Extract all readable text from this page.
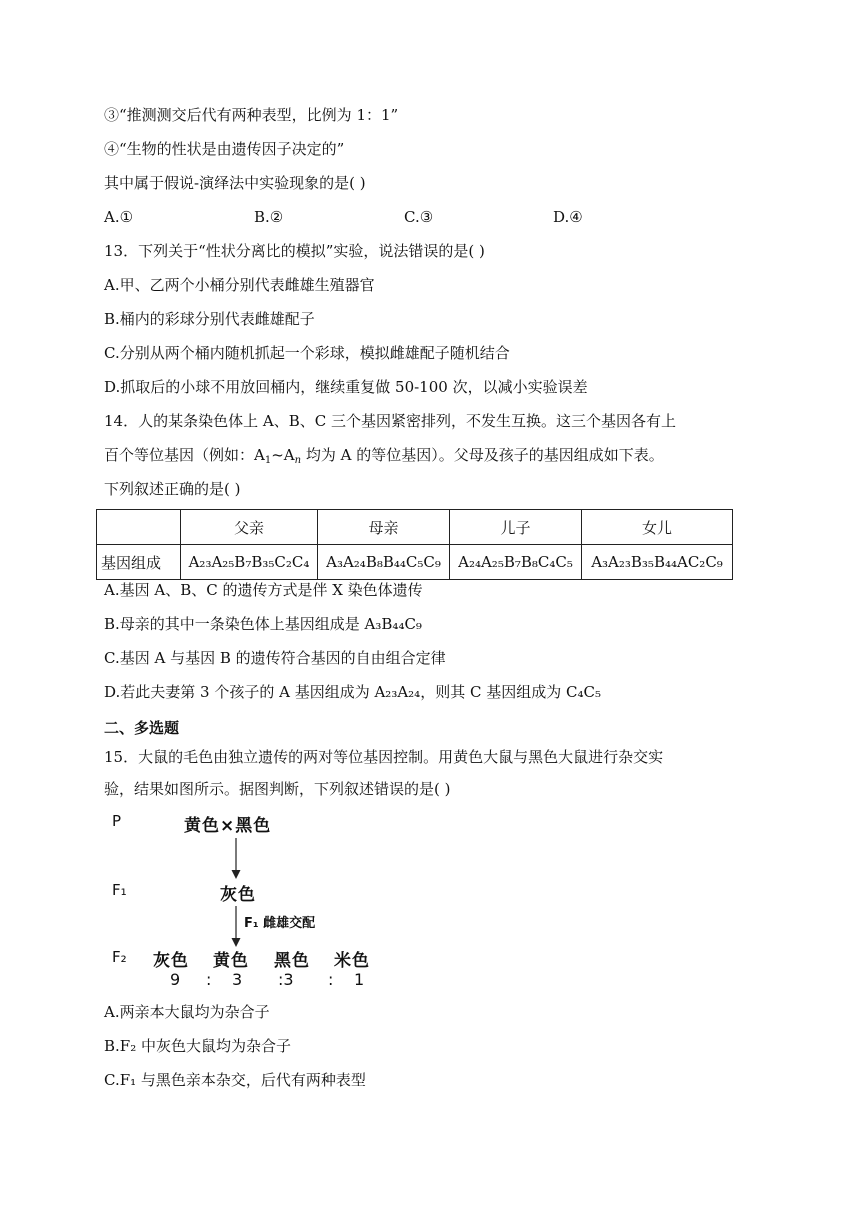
③“推测测交后代有两种表型，比例为 1：1”
④“生物的性状是由遗传因子决定的”
其中属于假说-演绎法中实验现象的是( )
A.①	B.②	C.③	D.④
13．下列关于“性状分离比的模拟”实验，说法错误的是( )
A.甲、乙两个小桶分别代表雌雄生殖器官
B.桶内的彩球分别代表雌雄配子
C.分别从两个桶内随机抓起一个彩球，模拟雌雄配子随机结合
D.抓取后的小球不用放回桶内，继续重复做 50-100 次，以减小实验误差
14．人的某条染色体上 A、B、C 三个基因紧密排列，不发生互换。这三个基因各有上
百个等位基因（例如：$A_1\sim A_n$ 均为 A 的等位基因）。父母及孩子的基因组成如下表。
下列叙述正确的是( )
	父亲	母亲	儿子	女儿
基因组成	A₂₃A₂₅B₇B₃₅C₂C₄	A₃A₂₄B₈B₄₄C₅C₉	A₂₄A₂₅B₇B₈C₄C₅	A₃A₂₃B₃₅B₄₄AC₂C₉
A.基因 A、B、C 的遗传方式是伴 X 染色体遗传
B.母亲的其中一条染色体上基因组成是 A₃B₄₄C₉
C.基因 A 与基因 B 的遗传符合基因的自由组合定律
D.若此夫妻第 3 个孩子的 A 基因组成为 A₂₃A₂₄，则其 C 基因组成为 C₄C₅
二、多选题
15．大鼠的毛色由独立遗传的两对等位基因控制。用黄色大鼠与黑色大鼠进行杂交实
验，结果如图所示。据图判断，下列叙述错误的是( )
P	黄色×黑色
F₁	灰色
F₁ 雌雄交配
F₂ 灰色 黄色 黑色 米色
9 : 3 :3 : 1
A.两亲本大鼠均为杂合子
B.F₂ 中灰色大鼠均为杂合子
C.F₁ 与黑色亲本杂交，后代有两种表型
